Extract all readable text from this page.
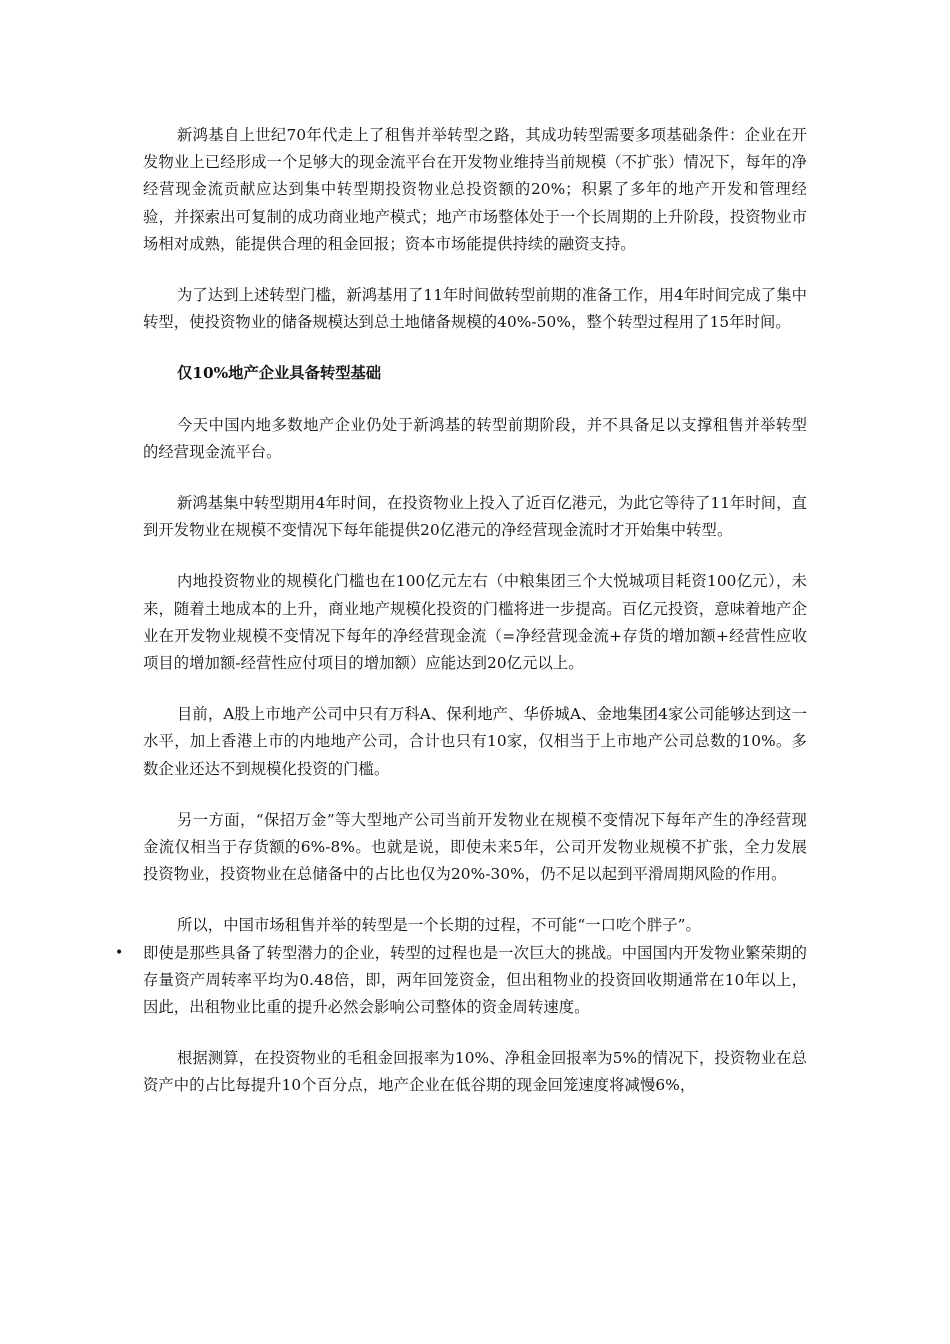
新鸿基自上世纪70年代走上了租售并举转型之路，其成功转型需要多项基础条件：企业在开发物业上已经形成一个足够大的现金流平台在开发物业维持当前规模（不扩张）情况下，每年的净经营现金流贡献应达到集中转型期投资物业总投资额的20%；积累了多年的地产开发和管理经验，并探索出可复制的成功商业地产模式；地产市场整体处于一个长周期的上升阶段，投资物业市场相对成熟，能提供合理的租金回报；资本市场能提供持续的融资支持。

为了达到上述转型门槛，新鸿基用了11年时间做转型前期的准备工作，用4年时间完成了集中转型，使投资物业的储备规模达到总土地储备规模的40%-50%，整个转型过程用了15年时间。

仅10%地产企业具备转型基础

今天中国内地多数地产企业仍处于新鸿基的转型前期阶段，并不具备足以支撑租售并举转型的经营现金流平台。

新鸿基集中转型期用4年时间，在投资物业上投入了近百亿港元，为此它等待了11年时间，直到开发物业在规模不变情况下每年能提供20亿港元的净经营现金流时才开始集中转型。

内地投资物业的规模化门槛也在100亿元左右（中粮集团三个大悦城项目耗资100亿元），未来，随着土地成本的上升，商业地产规模化投资的门槛将进一步提高。百亿元投资，意味着地产企业在开发物业规模不变情况下每年的净经营现金流（=净经营现金流+存货的增加额+经营性应收项目的增加额-经营性应付项目的增加额）应能达到20亿元以上。

目前，A股上市地产公司中只有万科A、保利地产、华侨城A、金地集团4家公司能够达到这一水平，加上香港上市的内地地产公司，合计也只有10家，仅相当于上市地产公司总数的10%。多数企业还达不到规模化投资的门槛。

另一方面，“保招万金”等大型地产公司当前开发物业在规模不变情况下每年产生的净经营现金流仅相当于存货额的6%-8%。也就是说，即使未来5年，公司开发物业规模不扩张，全力发展投资物业，投资物业在总储备中的占比也仅为20%-30%，仍不足以起到平滑周期风险的作用。

所以，中国市场租售并举的转型是一个长期的过程，不可能“一口吃个胖子”。

• 即使是那些具备了转型潜力的企业，转型的过程也是一次巨大的挑战。中国国内开发物业繁荣期的存量资产周转率平均为0.48倍，即，两年回笼资金，但出租物业的投资回收期通常在10年以上，因此，出租物业比重的提升必然会影响公司整体的资金周转速度。

根据测算，在投资物业的毛租金回报率为10%、净租金回报率为5%的情况下，投资物业在总资产中的占比每提升10个百分点，地产企业在低谷期的现金回笼速度将减慢6%，
